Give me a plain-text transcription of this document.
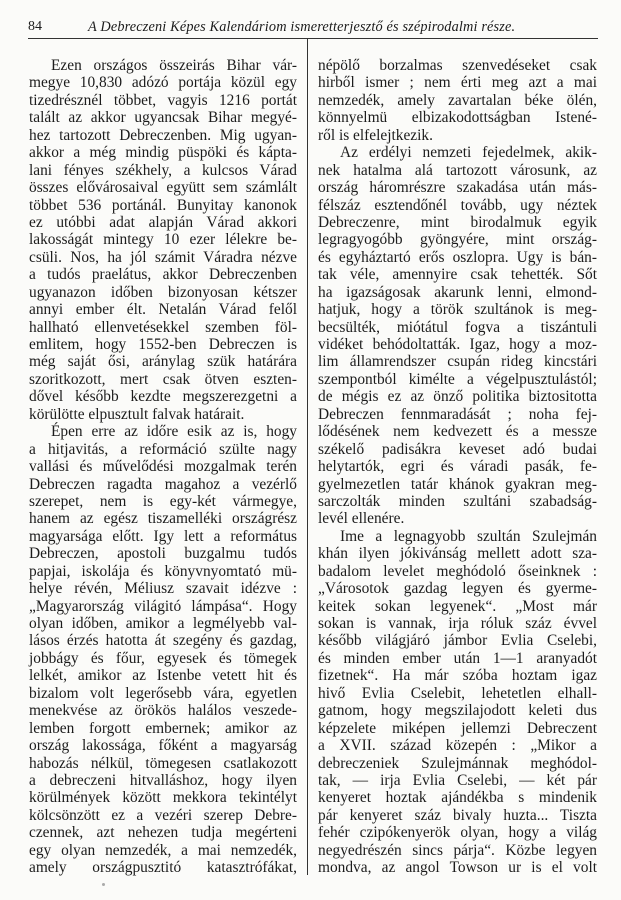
84	A Debreczeni Képes Kalendáriom ismeretterjesztő és szépirodalmi része.
Ezen országos összeirás Bihar vár-
megye 10,830 adózó portája közül egy
tizedrésznél többet, vagyis 1216 portát
talált az akkor ugyancsak Bihar megyé-
hez tartozott Debreczenben. Mig ugyan-
akkor a még mindig püspöki és kápta-
lani fényes székhely, a kulcsos Várad
összes elővárosaival együtt sem számlált
többet 536 portánál. Bunyitay kanonok
ez utóbbi adat alapján Várad akkori
lakosságát mintegy 10 ezer lélekre be-
csüli. Nos, ha jól számit Váradra nézve
a tudós praelátus, akkor Debreczenben
ugyanazon időben bizonyosan kétszer
annyi ember élt. Netalán Várad felől
hallható ellenvetésekkel szemben föl-
emlitem, hogy 1552-ben Debreczen is
még saját ősi, aránylag szük határára
szoritkozott, mert csak ötven eszten-
dővel később kezdte megszerezgetni a
körülötte elpusztult falvak határait.
Épen erre az időre esik az is, hogy
a hitjavitás, a reformáció szülte nagy
vallási és művelődési mozgalmak terén
Debreczen ragadta magahoz a vezérlő
szerepet, nem is egy-két vármegye,
hanem az egész tiszamelléki országrész
magyarsága előtt. Igy lett a református
Debreczen, apostoli buzgalmu tudós
papjai, iskolája és könyvnyomtató mü-
helye révén, Méliusz szavait idézve :
„Magyarország világitó lámpása“. Hogy
olyan időben, amikor a legmélyebb val-
lásos érzés hatotta át szegény és gazdag,
jobbágy és főur, egyesek és tömegek
lelkét, amikor az Istenbe vetett hit és
bizalom volt legerősebb vára, egyetlen
menekvése az örökös halálos veszede-
lemben forgott embernek; amikor az
ország lakossága, főként a magyarság
habozás nélkül, tömegesen csatlakozott
a debreczeni hitvalláshoz, hogy ilyen
körülmények között mekkora tekintélyt
kölcsönzött ez a vezéri szerep Debre-
czennek, azt nehezen tudja megérteni
egy olyan nemzedék, a mai nemzedék,
amely országpusztitó katasztrófákat,
népölő borzalmas szenvedéseket csak
hirből ismer ; nem érti meg azt a mai
nemzedék, amely zavartalan béke ölén,
könnyelmü elbizakodottságban Istené-
ről is elfelejtkezik.
Az erdélyi nemzeti fejedelmek, akik-
nek hatalma alá tartozott városunk, az
ország háromrészre szakadása után más-
félszáz esztendőnél tovább, ugy néztek
Debreczenre, mint birodalmuk egyik
legragyogóbb gyöngyére, mint ország-
és egyháztartó erős oszlopra. Ugy is bán-
tak véle, amennyire csak tehették. Sőt
ha igazságosak akarunk lenni, elmond-
hatjuk, hogy a török szultánok is meg-
becsülték, miótátul fogva a tiszántuli
vidéket behódoltatták. Igaz, hogy a moz-
lim államrendszer csupán rideg kincstári
szempontból kimélte a végelpusztulástól;
de mégis ez az önző politika biztositotta
Debreczen fennmaradását ; noha fej-
lődésének nem kedvezett és a messze
székelő padisákra keveset adó budai
helytartók, egri és váradi pasák, fe-
gyelmezetlen tatár khánok gyakran meg-
sarczolták minden szultáni szabadság-
levél ellenére.
Ime a legnagyobb szultán Szulejmán
khán ilyen jókivánság mellett adott sza-
badalom levelet meghódoló őseinknek :
„Városotok gazdag legyen és gyerme-
keitek sokan legyenek“. „Most már
sokan is vannak, irja róluk száz évvel
később világjáró jámbor Evlia Cselebi,
és minden ember után 1—1 aranyadót
fizetnek“. Ha már szóba hoztam igaz
hivő Evlia Cselebit, lehetetlen elhall-
gatnom, hogy megszilajodott keleti dus
képzelete miképen jellemzi Debreczent
a XVII. század közepén : „Mikor a
debreczeniek Szulejmánnak meghódol-
tak, — irja Evlia Cselebi, — két pár
kenyeret hoztak ajándékba s mindenik
pár kenyeret száz bivaly huzta... Tiszta
fehér czipókenyerök olyan, hogy a világ
negyedrészén sincs párja“. Közbe legyen
mondva, az angol Towson ur is el volt
